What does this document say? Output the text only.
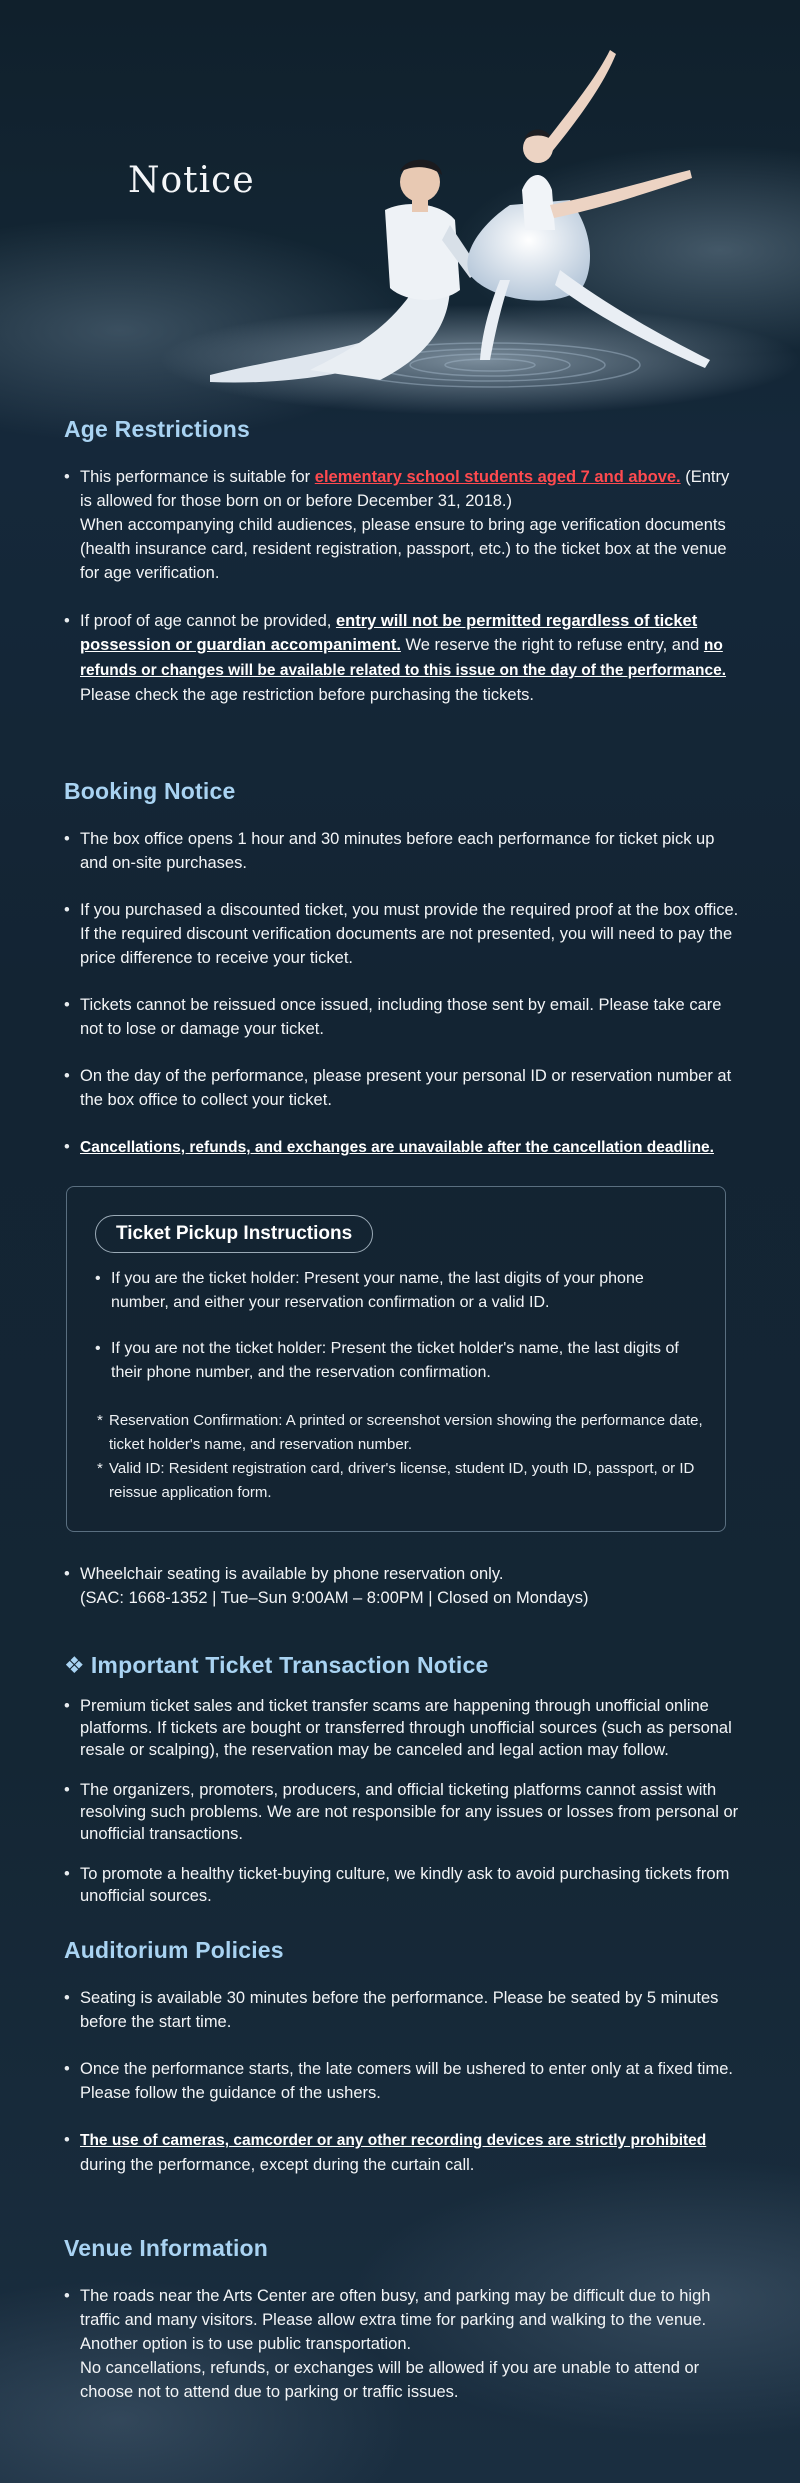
Notice
Age Restrictions
• This performance is suitable for elementary school students aged 7 and above. (Entry is allowed for those born on or before December 31, 2018.)
When accompanying child audiences, please ensure to bring age verification documents (health insurance card, resident registration, passport, etc.) to the ticket box at the venue for age verification.
• If proof of age cannot be provided, entry will not be permitted regardless of ticket possession or guardian accompaniment. We reserve the right to refuse entry, and no refunds or changes will be available related to this issue on the day of the performance.
Please check the age restriction before purchasing the tickets.
Booking Notice
• The box office opens 1 hour and 30 minutes before each performance for ticket pick up and on-site purchases.
• If you purchased a discounted ticket, you must provide the required proof at the box office. If the required discount verification documents are not presented, you will need to pay the price difference to receive your ticket.
• Tickets cannot be reissued once issued, including those sent by email. Please take care not to lose or damage your ticket.
• On the day of the performance, please present your personal ID or reservation number at the box office to collect your ticket.
• Cancellations, refunds, and exchanges are unavailable after the cancellation deadline.
Ticket Pickup Instructions
• If you are the ticket holder: Present your name, the last digits of your phone number, and either your reservation confirmation or a valid ID.
• If you are not the ticket holder: Present the ticket holder's name, the last digits of their phone number, and the reservation confirmation.
* Reservation Confirmation: A printed or screenshot version showing the performance date, ticket holder's name, and reservation number.
* Valid ID: Resident registration card, driver's license, student ID, youth ID, passport, or ID reissue application form.
• Wheelchair seating is available by phone reservation only.
(SAC: 1668-1352 | Tue–Sun 9:00AM – 8:00PM | Closed on Mondays)
❖ Important Ticket Transaction Notice
• Premium ticket sales and ticket transfer scams are happening through unofficial online platforms. If tickets are bought or transferred through unofficial sources (such as personal resale or scalping), the reservation may be canceled and legal action may follow.
• The organizers, promoters, producers, and official ticketing platforms cannot assist with resolving such problems. We are not responsible for any issues or losses from personal or unofficial transactions.
• To promote a healthy ticket-buying culture, we kindly ask to avoid purchasing tickets from unofficial sources.
Auditorium Policies
• Seating is available 30 minutes before the performance. Please be seated by 5 minutes before the start time.
• Once the performance starts, the late comers will be ushered to enter only at a fixed time. Please follow the guidance of the ushers.
• The use of cameras, camcorder or any other recording devices are strictly prohibited
during the performance, except during the curtain call.
Venue Information
• The roads near the Arts Center are often busy, and parking may be difficult due to high traffic and many visitors. Please allow extra time for parking and walking to the venue. Another option is to use public transportation.
No cancellations, refunds, or exchanges will be allowed if you are unable to attend or choose not to attend due to parking or traffic issues.
